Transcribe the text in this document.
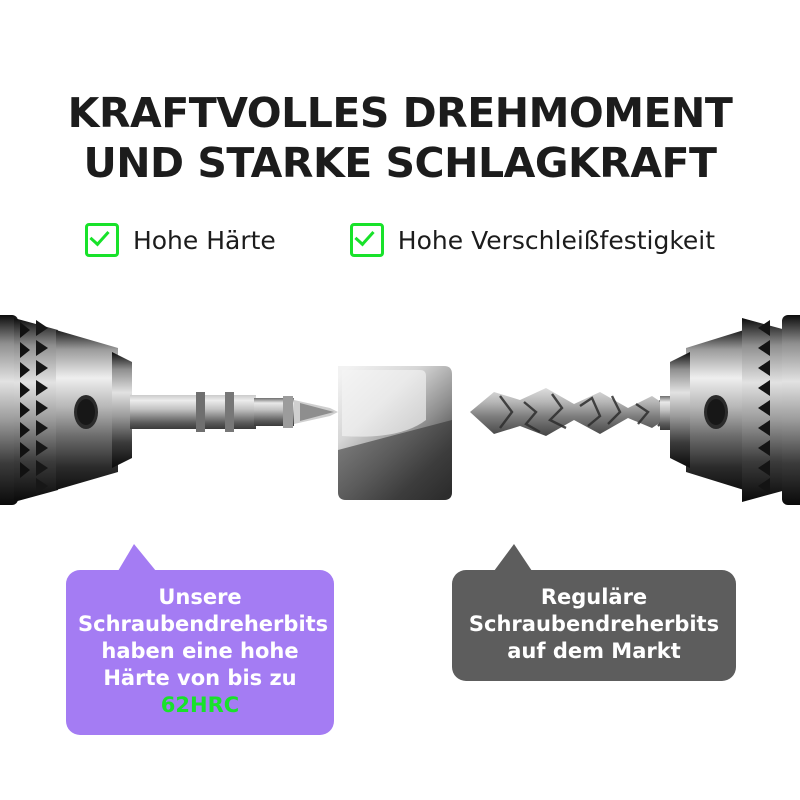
KRAFTVOLLES DREHMOMENT
UND STARKE SCHLAGKRAFT
Hohe Härte	Hohe Verschleißfestigkeit
Unsere
Schraubendreherbits
haben eine hohe
Härte von bis zu
62HRC
Reguläre
Schraubendreherbits
auf dem Markt
